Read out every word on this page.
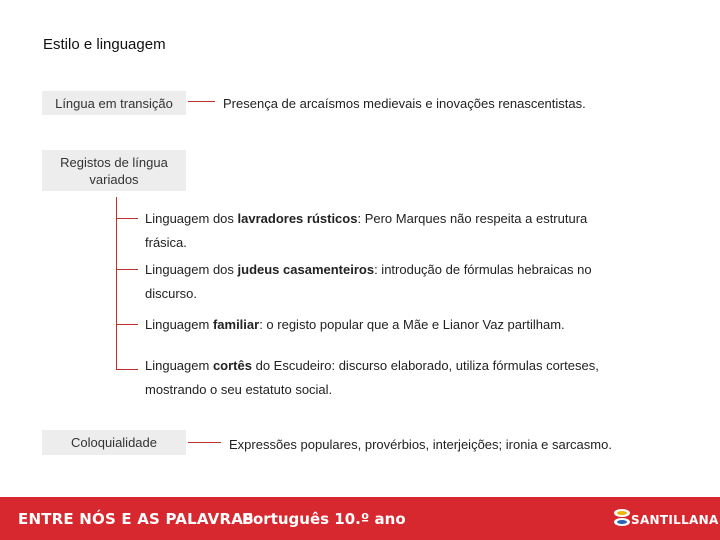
Estilo e linguagem
Língua em transição	Presença de arcaísmos medievais e inovações renascentistas.
Registos de língua variados
Linguagem dos lavradores rústicos: Pero Marques não respeita a estrutura
frásica.
Linguagem dos judeus casamenteiros: introdução de fórmulas hebraicas no
discurso.
Linguagem familiar: o registo popular que a Mãe e Lianor Vaz partilham.
Linguagem cortês do Escudeiro: discurso elaborado, utiliza fórmulas corteses,
mostrando o seu estatuto social.
Coloquialidade	Expressões populares, provérbios, interjeições; ironia e sarcasmo.
ENTRE NÓS E AS PALAVRAS
Português 10.º ano	SANTILLANA
